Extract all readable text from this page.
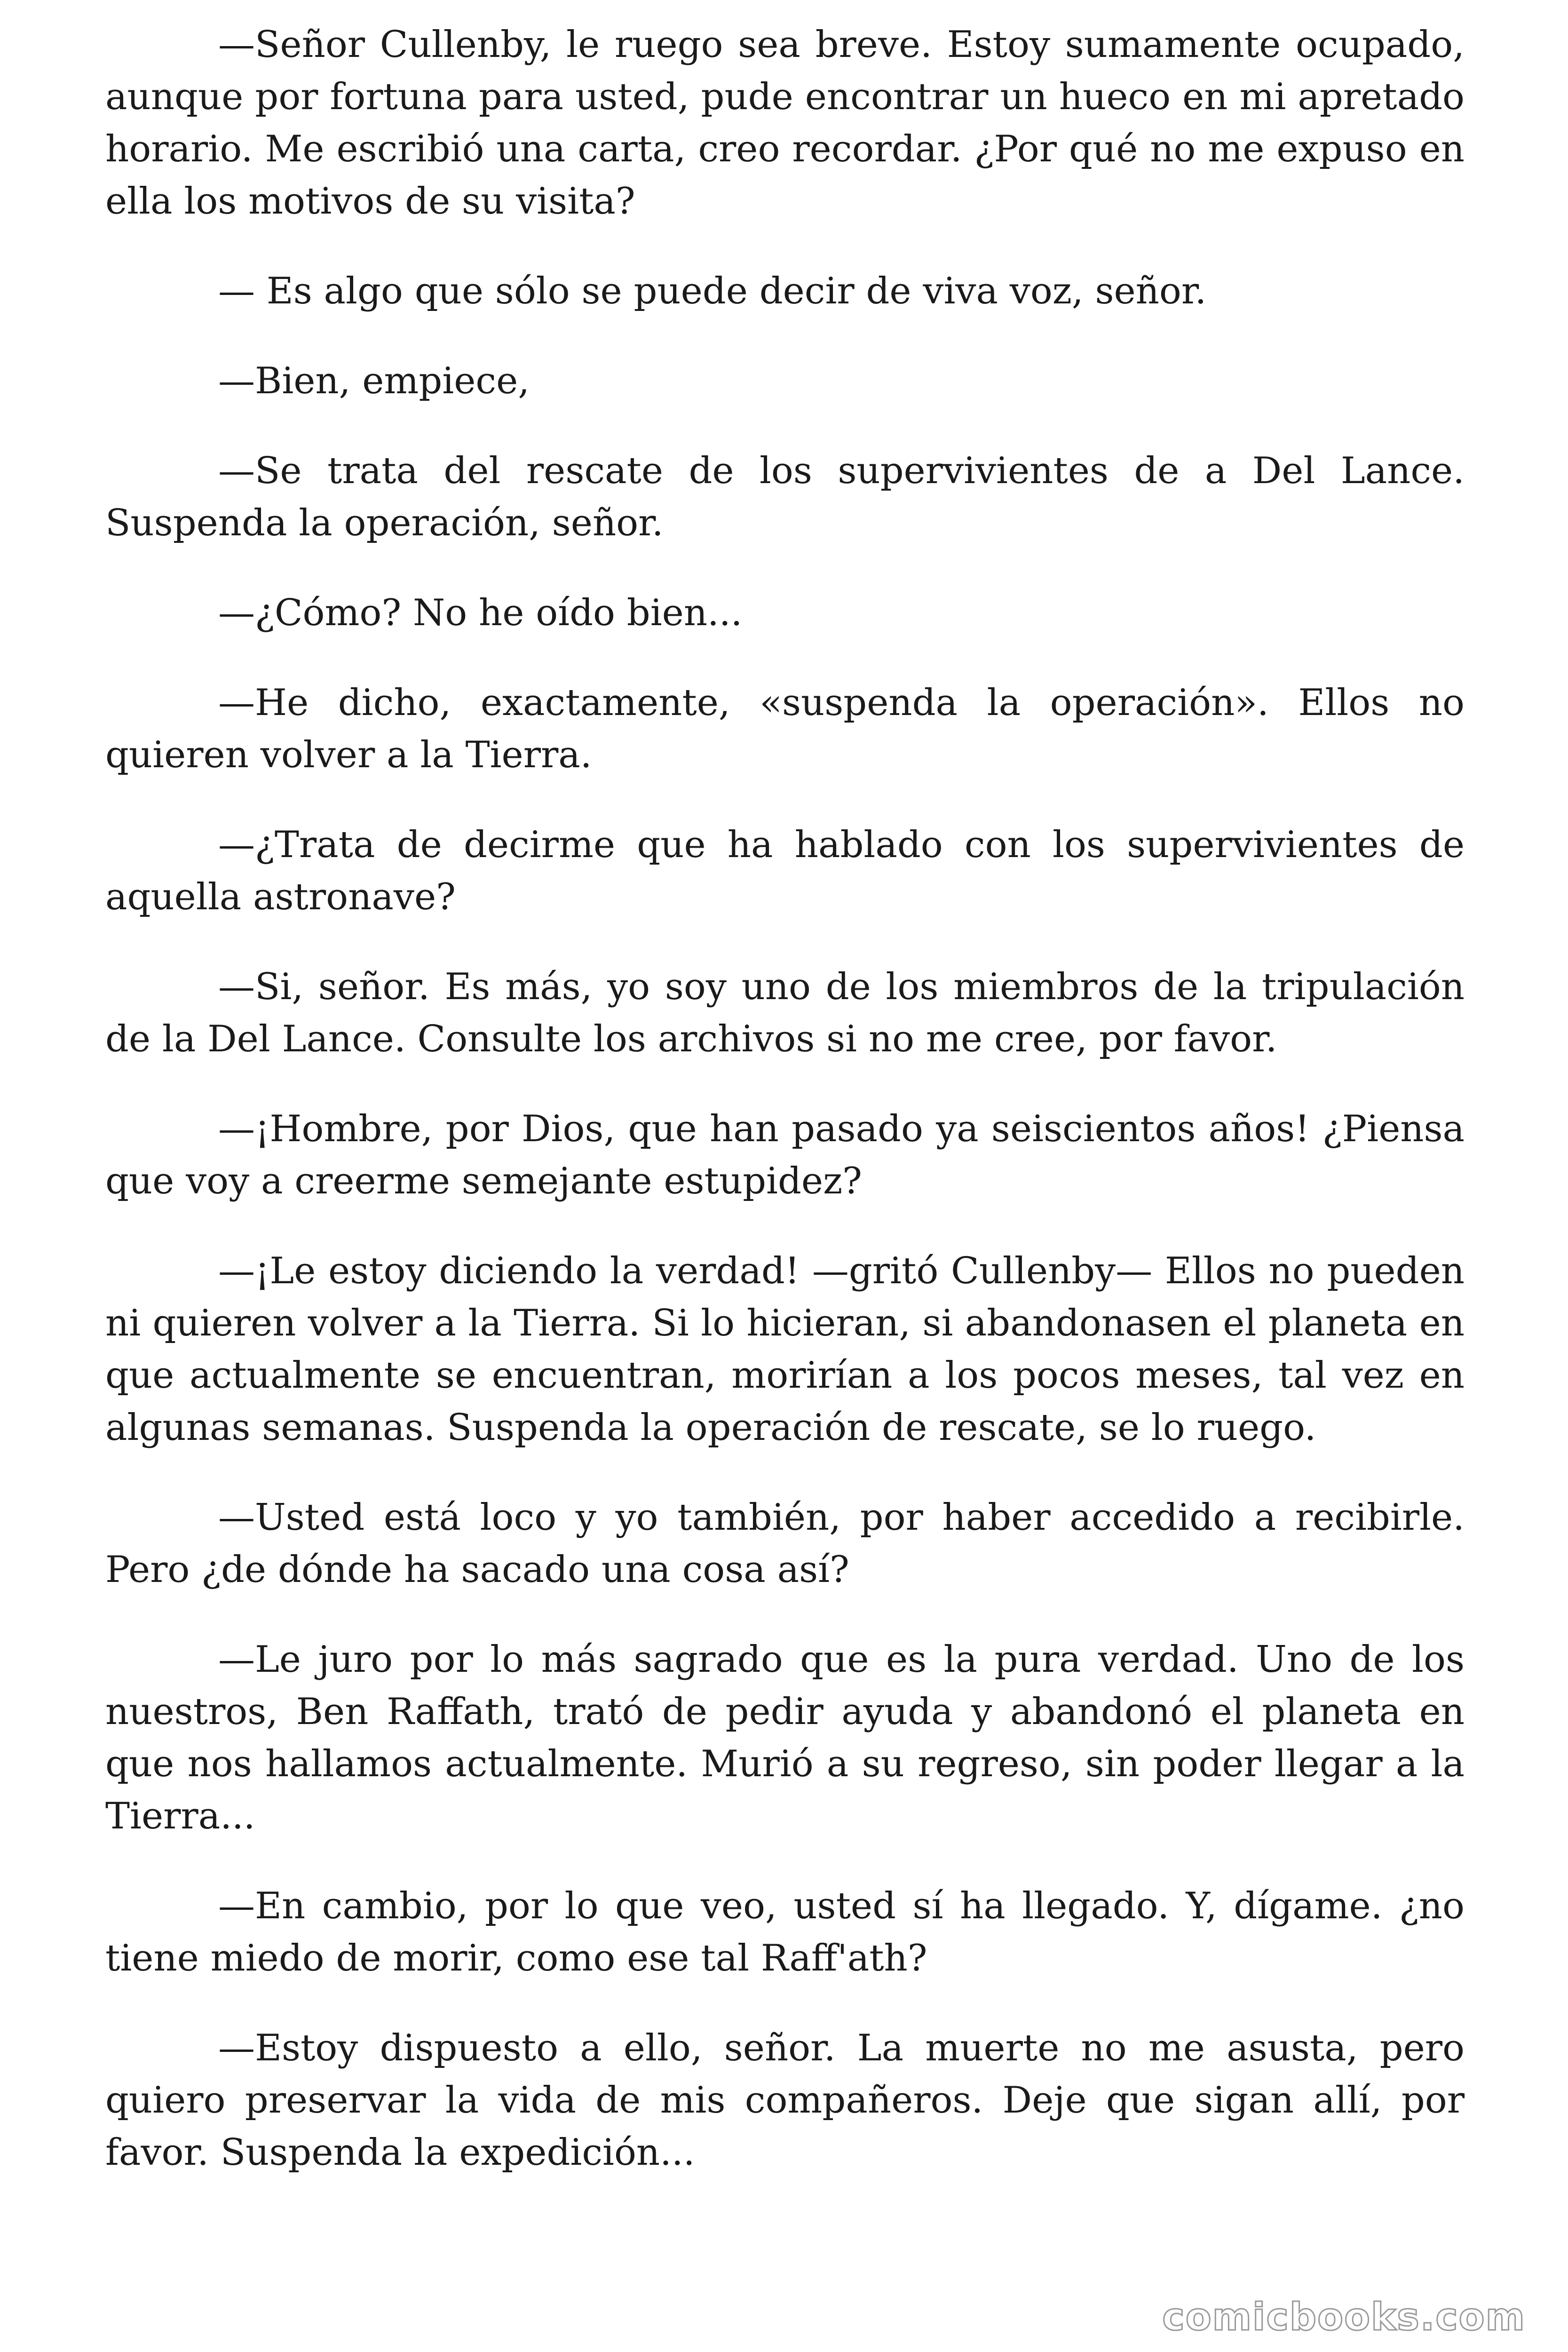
—Señor Cullenby, le ruego sea breve. Estoy sumamente ocupado, aunque por fortuna para usted, pude encontrar un hueco en mi apretado horario. Me escribió una carta, creo recordar. ¿Por qué no me expuso en ella los motivos de su visita?

— Es algo que sólo se puede decir de viva voz, señor.

—Bien, empiece,

—Se trata del rescate de los supervivientes de a Del Lance. Suspenda la operación, señor.

—¿Cómo? No he oído bien...

—He dicho, exactamente, «suspenda la operación». Ellos no quieren volver a la Tierra.

—¿Trata de decirme que ha hablado con los supervivientes de aquella astronave?

—Si, señor. Es más, yo soy uno de los miembros de la tripulación de la Del Lance. Consulte los archivos si no me cree, por favor.

—¡Hombre, por Dios, que han pasado ya seiscientos años! ¿Piensa que voy a creerme semejante estupidez?

—¡Le estoy diciendo la verdad! —gritó Cullenby— Ellos no pueden ni quieren volver a la Tierra. Si lo hicieran, si abandonasen el planeta en que actualmente se encuentran, morirían a los pocos meses, tal vez en algunas semanas. Suspenda la operación de rescate, se lo ruego.

—Usted está loco y yo también, por haber accedido a recibirle. Pero ¿de dónde ha sacado una cosa así?

—Le juro por lo más sagrado que es la pura verdad. Uno de los nuestros, Ben Raffath, trató de pedir ayuda y abandonó el planeta en que nos hallamos actualmente. Murió a su regreso, sin poder llegar a la Tierra...

—En cambio, por lo que veo, usted sí ha llegado. Y, dígame. ¿no tiene miedo de morir, como ese tal Raff'ath?

—Estoy dispuesto a ello, señor. La muerte no me asusta, pero quiero preservar la vida de mis compañeros. Deje que sigan allí, por favor. Suspenda la expedición...

comicbooks.com
